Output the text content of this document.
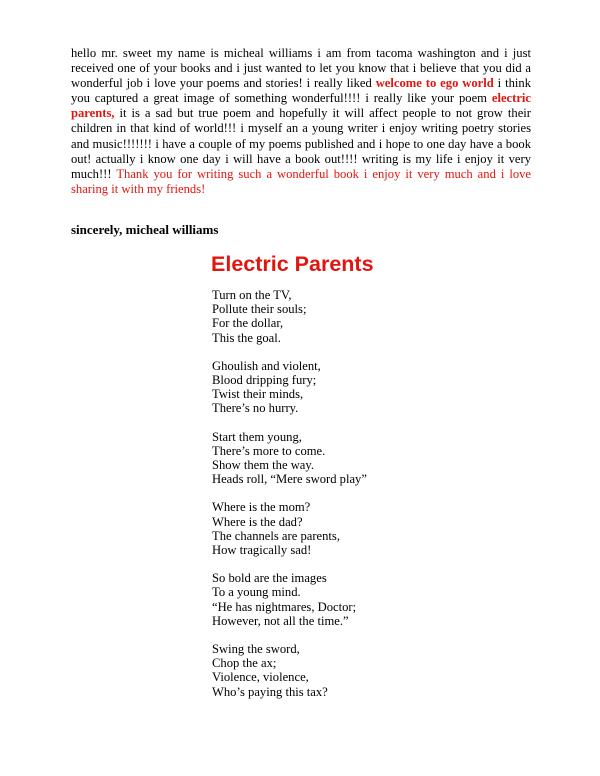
hello mr. sweet my name is micheal williams i am from tacoma washington and i just received one of your books and i just wanted to let you know that i believe that you did a wonderful job i love your poems and stories! i really liked welcome to ego world i think you captured a great image of something wonderful!!!! i really like your poem electric parents, it is a sad but true poem and hopefully it will affect people to not grow their children in that kind of world!!! i myself an a young writer i enjoy writing poetry stories and music!!!!!!! i have a couple of my poems published and i hope to one day have a book out! actually i know one day i will have a book out!!!! writing is my life i enjoy it very much!!! Thank you for writing such a wonderful book i enjoy it very much and i love sharing it with my friends!
sincerely, micheal williams
Electric Parents
Turn on the TV,
Pollute their souls;
For the dollar,
This the goal.
Ghoulish and violent,
Blood dripping fury;
Twist their minds,
There’s no hurry.
Start them young,
There’s more to come.
Show them the way.
Heads roll, “Mere sword play”
Where is the mom?
Where is the dad?
The channels are parents,
How tragically sad!
So bold are the images
To a young mind.
“He has nightmares, Doctor;
However, not all the time.”
Swing the sword,
Chop the ax;
Violence, violence,
Who’s paying this tax?
